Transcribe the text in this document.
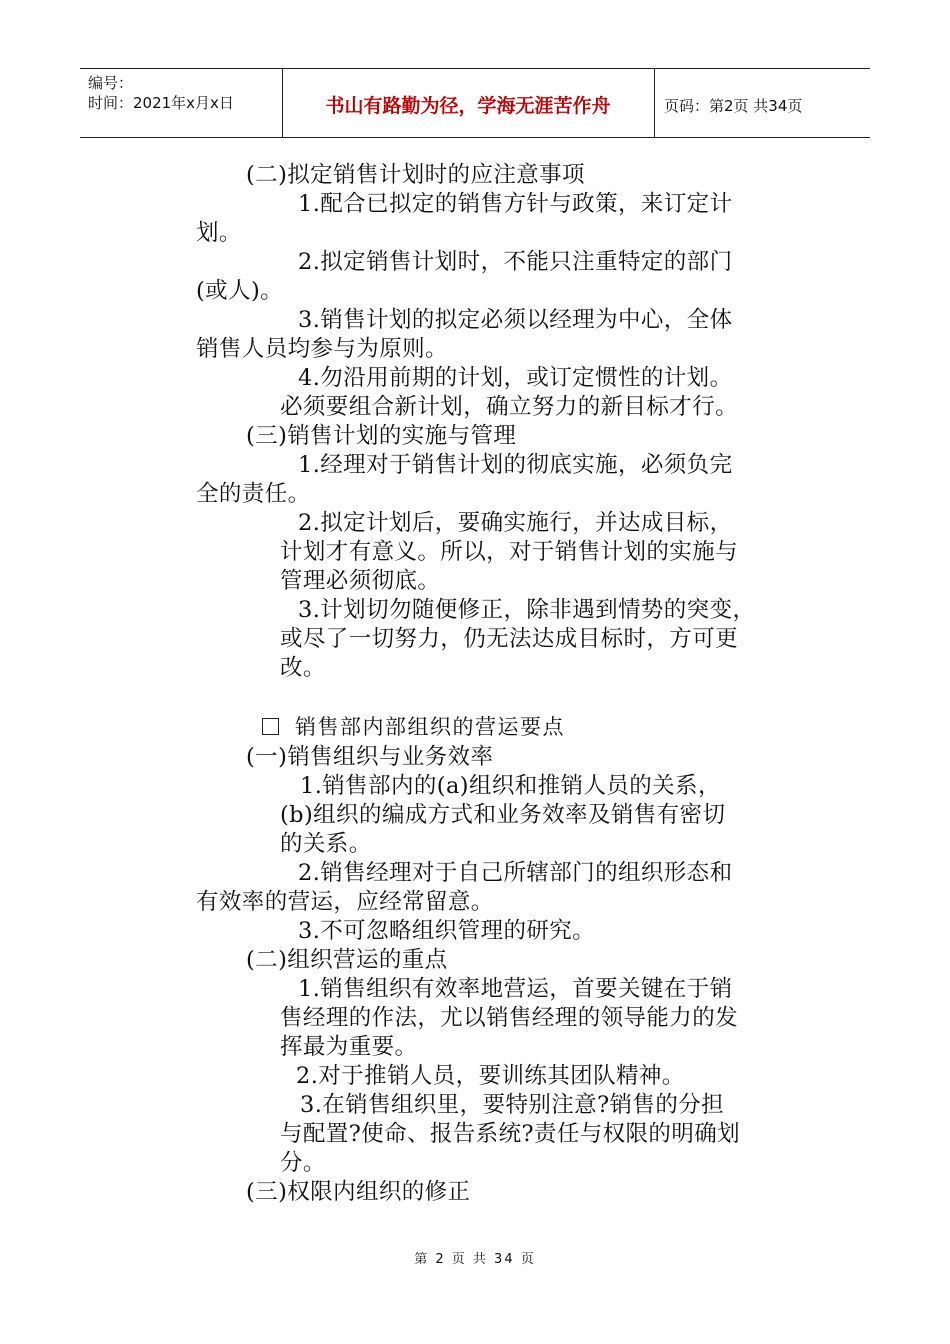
编号：
时间：2021年x月x日	书山有路勤为径，学海无涯苦作舟	页码：第2页 共34页
(二)拟定销售计划时的应注意事项
1.配合已拟定的销售方针与政策，来订定计
划。
2.拟定销售计划时，不能只注重特定的部门
(或人)。
3.销售计划的拟定必须以经理为中心，全体
销售人员均参与为原则。
4.勿沿用前期的计划，或订定惯性的计划。
必须要组合新计划，确立努力的新目标才行。
(三)销售计划的实施与管理
1.经理对于销售计划的彻底实施，必须负完
全的责任。
2.拟定计划后，要确实施行，并达成目标，
计划才有意义。所以，对于销售计划的实施与
管理必须彻底。
3.计划切勿随便修正，除非遇到情势的突变，
或尽了一切努力，仍无法达成目标时，方可更
改。
销售部内部组织的营运要点
(一)销售组织与业务效率
1.销售部内的(a)组织和推销人员的关系，
(b)组织的编成方式和业务效率及销售有密切
的关系。
2.销售经理对于自己所辖部门的组织形态和
有效率的营运，应经常留意。
3.不可忽略组织管理的研究。
(二)组织营运的重点
1.销售组织有效率地营运，首要关键在于销
售经理的作法，尤以销售经理的领导能力的发
挥最为重要。
2.对于推销人员，要训练其团队精神。
3.在销售组织里，要特别注意?销售的分担
与配置?使命、报告系统?责任与权限的明确划
分。
(三)权限内组织的修正
第 2 页 共 34 页
